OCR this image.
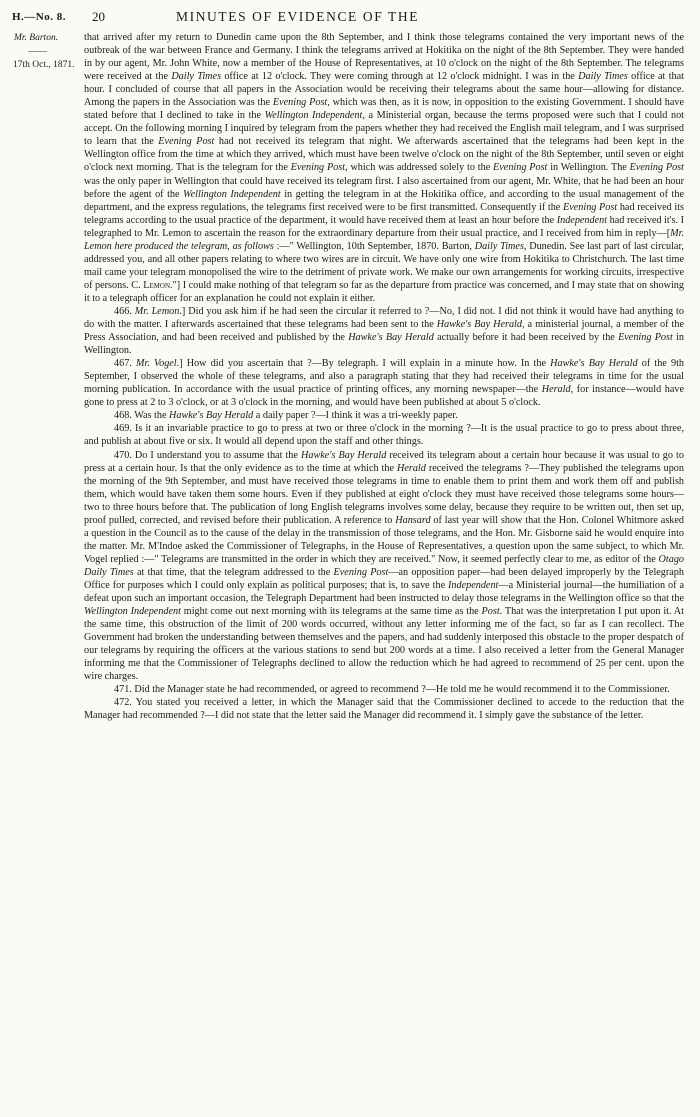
H.—No. 8. 20	MINUTES OF EVIDENCE OF THE
Mr. Barton.
——
17th Oct., 1871.

that arrived after my return to Dunedin came upon the 8th September, and I think those telegrams contained the very important news of the outbreak of the war between France and Germany. I think the telegrams arrived at Hokitika on the night of the 8th September. They were handed in by our agent, Mr. John White, now a member of the House of Representatives, at 10 o'clock on the night of the 8th September. The telegrams were received at the Daily Times office at 12 o'clock. They were coming through at 12 o'clock midnight. I was in the Daily Times office at that hour. I concluded of course that all papers in the Association would be receiving their telegrams about the same hour—allowing for distance. Among the papers in the Association was the Evening Post, which was then, as it is now, in opposition to the existing Government. I should have stated before that I declined to take in the Wellington Independent, a Ministerial organ, because the terms proposed were such that I could not accept. On the following morning I inquired by telegram from the papers whether they had received the English mail telegram, and I was surprised to learn that the Evening Post had not received its telegram that night. We afterwards ascertained that the telegrams had been kept in the Wellington office from the time at which they arrived, which must have been twelve o'clock on the night of the 8th September, until seven or eight o'clock next morning. That is the telegram for the Evening Post, which was addressed solely to the Evening Post in Wellington. The Evening Post was the only paper in Wellington that could have received its telegram first. I also ascertained from our agent, Mr. White, that he had been an hour before the agent of the Wellington Independent in getting the telegram in at the Hokitika office, and according to the usual management of the department, and the express regulations, the telegrams first received were to be first transmitted. Consequently if the Evening Post had received its telegrams according to the usual practice of the department, it would have received them at least an hour before the Independent had received it's. I telegraphed to Mr. Lemon to ascertain the reason for the extraordinary departure from their usual practice, and I received from him in reply—[Mr. Lemon here produced the telegram, as follows :—" Wellington, 10th September, 1870. Barton, Daily Times, Dunedin. See last part of last circular, addressed you, and all other papers relating to where two wires are in circuit. We have only one wire from Hokitika to Christchurch. The last time mail came your telegram monopolised the wire to the detriment of private work. We make our own arrangements for working circuits, irrespective of persons. C. Lemon."] I could make nothing of that telegram so far as the departure from practice was concerned, and I may state that on showing it to a telegraph officer for an explanation he could not explain it either.

466. Mr. Lemon.] Did you ask him if he had seen the circular it referred to ?—No, I did not. I did not think it would have had anything to do with the matter. I afterwards ascertained that these telegrams had been sent to the Hawke's Bay Herald, a ministerial journal, a member of the Press Association, and had been received and published by the Hawke's Bay Herald actually before it had been received by the Evening Post in Wellington.

467. Mr. Vogel.] How did you ascertain that ?—By telegraph. I will explain in a minute how. In the Hawke's Bay Herald of the 9th September, I observed the whole of these telegrams, and also a paragraph stating that they had received their telegrams in time for the usual morning publication. In accordance with the usual practice of printing offices, any morning newspaper—the Herald, for instance—would have gone to press at 2 to 3 o'clock, or at 3 o'clock in the morning, and would have been published at about 5 o'clock.

468. Was the Hawke's Bay Herald a daily paper ?—I think it was a tri-weekly paper.

469. Is it an invariable practice to go to press at two or three o'clock in the morning ?—It is the usual practice to go to press about three, and publish at about five or six. It would all depend upon the staff and other things.

470. Do I understand you to assume that the Hawke's Bay Herald received its telegram about a certain hour because it was usual to go to press at a certain hour. Is that the only evidence as to the time at which the Herald received the telegrams ?—They published the telegrams upon the morning of the 9th September, and must have received those telegrams in time to enable them to print them and work them off and publish them, which would have taken them some hours. Even if they published at eight o'clock they must have received those telegrams some hours—two to three hours before that. The publication of long English telegrams involves some delay, because they require to be written out, then set up, proof pulled, corrected, and revised before their publication. A reference to Hansard of last year will show that the Hon. Colonel Whitmore asked a question in the Council as to the cause of the delay in the transmission of those telegrams, and the Hon. Mr. Gisborne said he would enquire into the matter. Mr. M'Indoe asked the Commissioner of Telegraphs, in the House of Representatives, a question upon the same subject, to which Mr. Vogel replied :—" Telegrams are transmitted in the order in which they are received." Now, it seemed perfectly clear to me, as editor of the Otago Daily Times at that time, that the telegram addressed to the Evening Post—an opposition paper—had been delayed improperly by the Telegraph Office for purposes which I could only explain as political purposes; that is, to save the Independent—a Ministerial journal—the humiliation of a defeat upon such an important occasion, the Telegraph Department had been instructed to delay those telegrams in the Wellington office so that the Wellington Independent might come out next morning with its telegrams at the same time as the Post. That was the interpretation I put upon it. At the same time, this obstruction of the limit of 200 words occurred, without any letter informing me of the fact, so far as I can recollect. The Government had broken the understanding between themselves and the papers, and had suddenly interposed this obstacle to the proper despatch of our telegrams by requiring the officers at the various stations to send but 200 words at a time. I also received a letter from the General Manager informing me that the Commissioner of Telegraphs declined to allow the reduction which he had agreed to recommend of 25 per cent. upon the wire charges.

471. Did the Manager state he had recommended, or agreed to recommend ?—He told me he would recommend it to the Commissioner.

472. You stated you received a letter, in which the Manager said that the Commissioner declined to accede to the reduction that the Manager had recommended ?—I did not state that the letter said the Manager did recommend it. I simply gave the substance of the letter.
